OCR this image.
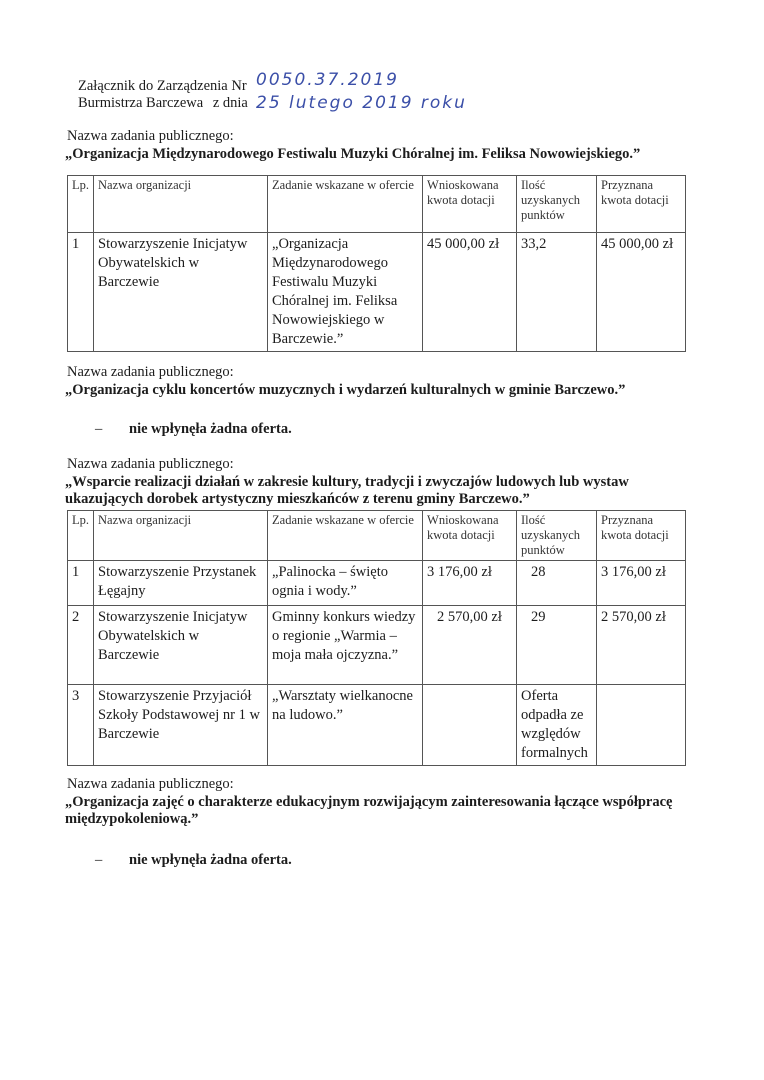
Załącznik do Zarządzenia Nr 0050.37.2019
Burmistrza Barczewa z dnia 25 lutego 2019 roku
Nazwa zadania publicznego:
„Organizacja Międzynarodowego Festiwalu Muzyki Chóralnej im. Feliksa Nowowiejskiego.”
Lp.	Nazwa organizacji	Zadanie wskazane w ofercie	Wnioskowana kwota dotacji	Ilość uzyskanych punktów	Przyznana kwota dotacji
1	Stowarzyszenie Inicjatyw Obywatelskich w Barczewie	„Organizacja Międzynarodowego Festiwalu Muzyki Chóralnej im. Feliksa Nowowiejskiego w Barczewie.”	45 000,00 zł	33,2	45 000,00 zł
Nazwa zadania publicznego:
„Organizacja cyklu koncertów muzycznych i wydarzeń kulturalnych w gminie Barczewo.”
– nie wpłynęła żadna oferta.
Nazwa zadania publicznego:
„Wsparcie realizacji działań w zakresie kultury, tradycji i zwyczajów ludowych lub wystaw ukazujących dorobek artystyczny mieszkańców z terenu gminy Barczewo.”
Lp.	Nazwa organizacji	Zadanie wskazane w ofercie	Wnioskowana kwota dotacji	Ilość uzyskanych punktów	Przyznana kwota dotacji
1	Stowarzyszenie Przystanek Łęgajny	„Palinocka – święto ognia i wody.”	3 176,00 zł	28	3 176,00 zł
2	Stowarzyszenie Inicjatyw Obywatelskich w Barczewie	Gminny konkurs wiedzy o regionie „Warmia – moja mała ojczyzna.”	2 570,00 zł	29	2 570,00 zł
3	Stowarzyszenie Przyjaciół Szkoły Podstawowej nr 1 w Barczewie	„Warsztaty wielkanocne na ludowo.”		Oferta odpadła ze względów formalnych	
Nazwa zadania publicznego:
„Organizacja zajęć o charakterze edukacyjnym rozwijającym zainteresowania łączące współpracę międzypokoleniową.”
– nie wpłynęła żadna oferta.
